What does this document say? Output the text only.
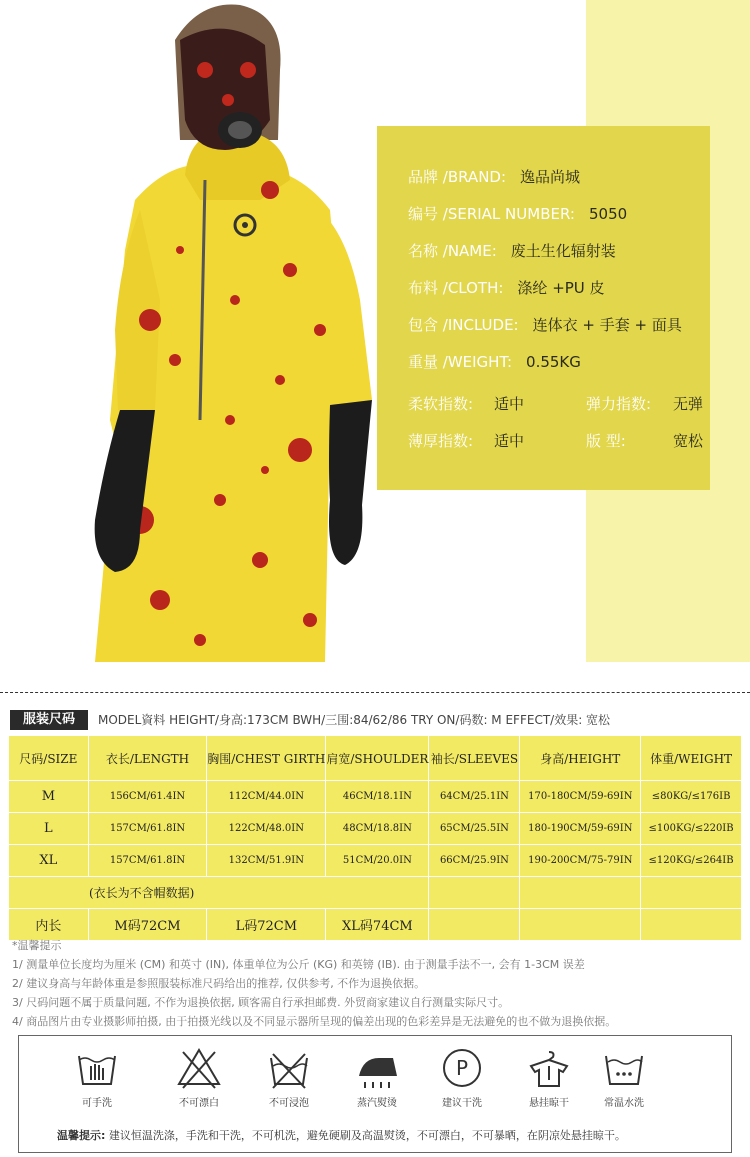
品牌 /BRAND: 逸品尚城
编号 /SERIAL NUMBER: 5050
名称 /NAME: 废土生化辐射装
布料 /CLOTH: 涤纶 +PU 皮
包含 /INCLUDE: 连体衣 + 手套 + 面具
重量 /WEIGHT: 0.55KG
柔软指数: 适中	弹力指数: 无弹
薄厚指数: 适中	版 型:	宽松
服装尺码	MODEL資料 HEIGHT/身高:173CM BWH/三围:84/62/86 TRY ON/码数: M EFFECT/效果: 宽松
尺码/SIZE	衣长/LENGTH	胸围/CHEST GIRTH	肩宽/SHOULDER	袖长/SLEEVES	身高/HEIGHT	体重/WEIGHT
M	156CM/61.4IN	112CM/44.0IN	46CM/18.1IN	64CM/25.1IN	170-180CM/59-69IN	≤80KG/≤176IB
L	157CM/61.8IN	122CM/48.0IN	48CM/18.8IN	65CM/25.5IN	180-190CM/59-69IN	≤100KG/≤220IB
XL	157CM/61.8IN	132CM/51.9IN	51CM/20.0IN	66CM/25.9IN	190-200CM/75-79IN	≤120KG/≤264IB
(衣长为不含帽数据)						
内长	M码72CM	L码72CM	XL码74CM			
*温馨提示
1/ 测量单位长度均为厘米 (CM) 和英寸 (IN), 体重单位为公斤 (KG) 和英镑 (IB). 由于测量手法不一, 会有 1-3CM 误差
2/ 建议身高与年龄体重是参照服装标准尺码给出的推荐, 仅供参考, 不作为退换依据。
3/ 尺码问题不属于质量问题, 不作为退换依据, 顾客需自行承担邮费. 外贸商家建议自行测量实际尺寸。
4/ 商品图片由专业摄影师拍摄, 由于拍摄光线以及不同显示器所呈现的偏差出现的色彩差异是无法避免的也不做为退换依据。
可手洗	不可漂白	不可浸泡	蒸汽熨烫
P
建议干洗	悬挂晾干	常温水洗
温馨提示: 建议恒温洗涤，手洗和干洗，不可机洗，避免硬刷及高温熨烫，不可漂白，不可暴晒，在阴凉处悬挂晾干。
